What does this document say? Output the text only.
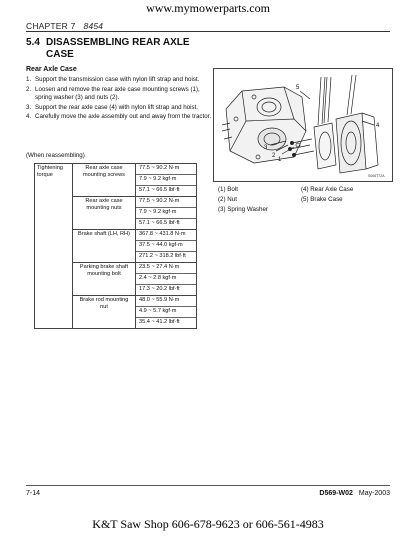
www.mymowerparts.com
CHAPTER 7 8454
5.4 DISASSEMBLING REAR AXLE
CASE
Rear Axle Case
1. Support the transmission case with nylon lift strap and hoist.
2. Loosen and remove the rear axle case mounting screws (1), spring washer (3) and nuts (2).
3. Support the rear axle case (4) with nylon lift strap and hoist.
4. Carefully move the axle assembly out and away from the tractor.
(When reassembling)
Tightening torque	Rear axle case mounting screws	77.5 ~ 90.2 N·m
7.9 ~ 9.2 kgf·m
57.1 ~ 66.5 lbf·ft

	Rear axle case mounting nuts	77.5 ~ 90.2 N·m
7.9 ~ 9.2 kgf·m
57.1 ~ 66.5 lbf·ft

	Brake shaft (LH, RH)	367.8 ~ 431.8 N·m
37.5 ~ 44.0 kgf·m
271.2 ~ 318.2 lbf·ft

	Parking brake shaft mounting bolt	23.5 ~ 27.4 N·m
2.4 ~ 2.8 kgf·m
17.3 ~ 20.2 lbf·ft

	Brake rod mounting nut	48.0 ~ 55.9 N·m
4.9 ~ 5.7 kgf·m
35.4 ~ 41.2 lbf·ft
1
2
3
4
5
S006T72A
(1) Bolt	(4) Rear Axle Case
(2) Nut	(5) Brake Case
(3) Spring Washer
7-14	D569-W02 May-2003
K&T Saw Shop 606-678-9623 or 606-561-4983
